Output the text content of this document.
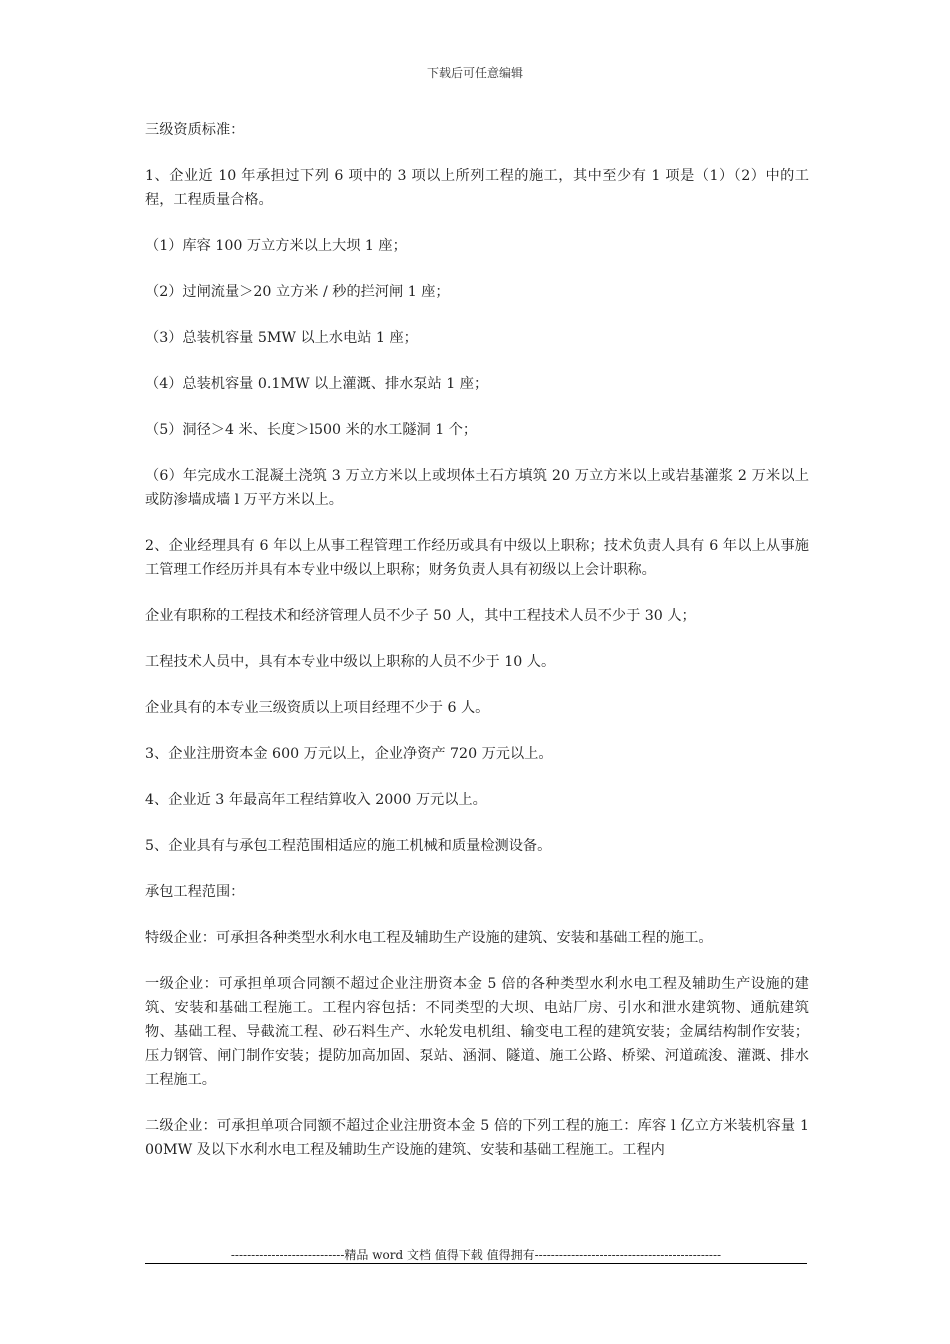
下载后可任意编辑

三级资质标准：

1、企业近 10 年承担过下列 6 项中的 3 项以上所列工程的施工，其中至少有 1 项是（1）（2）中的工程，工程质量合格。

（1）库容 100 万立方米以上大坝 1 座；

（2）过闸流量＞20 立方米 / 秒的拦河闸 1 座；

（3）总装机容量 5MW 以上水电站 1 座；

（4）总装机容量 0.1MW 以上灌溉、排水泵站 1 座；

（5）洞径＞4 米、长度＞l500 米的水工隧洞 1 个；

（6）年完成水工混凝土浇筑 3 万立方米以上或坝体土石方填筑 20 万立方米以上或岩基灌浆 2 万米以上或防渗墙成墙 l 万平方米以上。

2、企业经理具有 6 年以上从事工程管理工作经历或具有中级以上职称；技术负责人具有 6 年以上从事施工管理工作经历并具有本专业中级以上职称；财务负责人具有初级以上会计职称。

企业有职称的工程技术和经济管理人员不少子 50 人，其中工程技术人员不少于 30 人；

工程技术人员中，具有本专业中级以上职称的人员不少于 10 人。

企业具有的本专业三级资质以上项目经理不少于 6 人。

3、企业注册资本金 600 万元以上，企业净资产 720 万元以上。

4、企业近 3 年最高年工程结算收入 2000 万元以上。

5、企业具有与承包工程范围相适应的施工机械和质量检测设备。

承包工程范围：

特级企业：可承担各种类型水利水电工程及辅助生产设施的建筑、安装和基础工程的施工。

一级企业：可承担单项合同额不超过企业注册资本金 5 倍的各种类型水利水电工程及辅助生产设施的建筑、安装和基础工程施工。工程内容包括：不同类型的大坝、电站厂房、引水和泄水建筑物、通航建筑物、基础工程、导截流工程、砂石料生产、水轮发电机组、输变电工程的建筑安装；金属结构制作安装；压力钢管、闸门制作安装；提防加高加固、泵站、涵洞、隧道、施工公路、桥梁、河道疏浚、灌溉、排水工程施工。

二级企业：可承担单项合同额不超过企业注册资本金 5 倍的下列工程的施工：库容 l 亿立方米装机容量 100MW 及以下水利水电工程及辅助生产设施的建筑、安装和基础工程施工。工程内

----------------------------精品 word 文档 值得下载 值得拥有----------------------------------------------
